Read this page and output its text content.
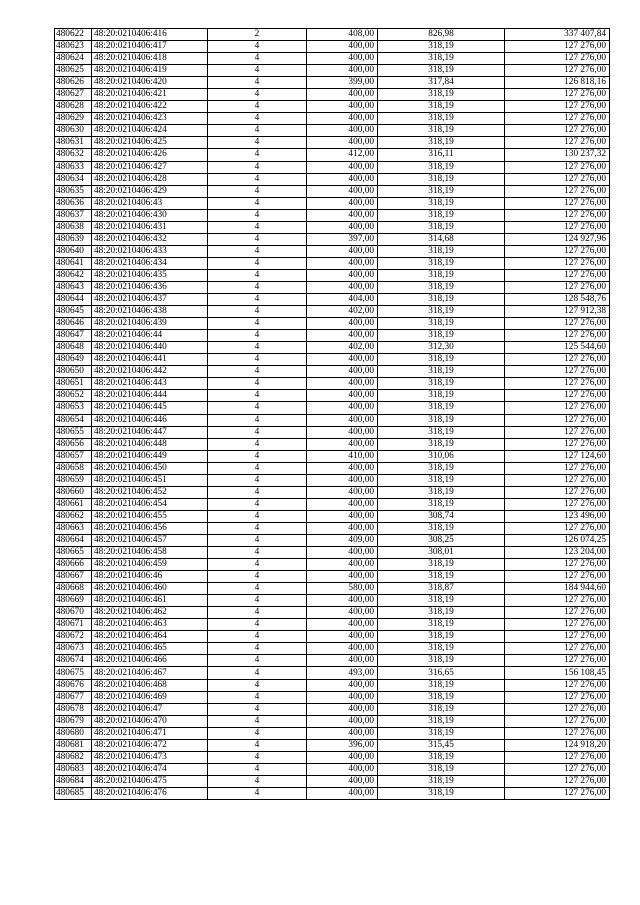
480622	48:20:0210406:416	2	408,00	826,98	337 407,84
480623	48:20:0210406:417	4	400,00	318,19	127 276,00
480624	48:20:0210406:418	4	400,00	318,19	127 276,00
480625	48:20:0210406:419	4	400,00	318,19	127 276,00
480626	48:20:0210406:420	4	399,00	317,84	126 818,16
480627	48:20:0210406:421	4	400,00	318,19	127 276,00
480628	48:20:0210406:422	4	400,00	318,19	127 276,00
480629	48:20:0210406:423	4	400,00	318,19	127 276,00
480630	48:20:0210406:424	4	400,00	318,19	127 276,00
480631	48:20:0210406:425	4	400,00	318,19	127 276,00
480632	48:20:0210406:426	4	412,00	316,11	130 237,32
480633	48:20:0210406:427	4	400,00	318,19	127 276,00
480634	48:20:0210406:428	4	400,00	318,19	127 276,00
480635	48:20:0210406:429	4	400,00	318,19	127 276,00
480636	48:20:0210406:43	4	400,00	318,19	127 276,00
480637	48:20:0210406:430	4	400,00	318,19	127 276,00
480638	48:20:0210406:431	4	400,00	318,19	127 276,00
480639	48:20:0210406:432	4	397,00	314,68	124 927,96
480640	48:20:0210406:433	4	400,00	318,19	127 276,00
480641	48:20:0210406:434	4	400,00	318,19	127 276,00
480642	48:20:0210406:435	4	400,00	318,19	127 276,00
480643	48:20:0210406:436	4	400,00	318,19	127 276,00
480644	48:20:0210406:437	4	404,00	318,19	128 548,76
480645	48:20:0210406:438	4	402,00	318,19	127 912,38
480646	48:20:0210406:439	4	400,00	318,19	127 276,00
480647	48:20:0210406:44	4	400,00	318,19	127 276,00
480648	48:20:0210406:440	4	402,00	312,30	125 544,60
480649	48:20:0210406:441	4	400,00	318,19	127 276,00
480650	48:20:0210406:442	4	400,00	318,19	127 276,00
480651	48:20:0210406:443	4	400,00	318,19	127 276,00
480652	48:20:0210406:444	4	400,00	318,19	127 276,00
480653	48:20:0210406:445	4	400,00	318,19	127 276,00
480654	48:20:0210406:446	4	400,00	318,19	127 276,00
480655	48:20:0210406:447	4	400,00	318,19	127 276,00
480656	48:20:0210406:448	4	400,00	318,19	127 276,00
480657	48:20:0210406:449	4	410,00	310,06	127 124,60
480658	48:20:0210406:450	4	400,00	318,19	127 276,00
480659	48:20:0210406:451	4	400,00	318,19	127 276,00
480660	48:20:0210406:452	4	400,00	318,19	127 276,00
480661	48:20:0210406:454	4	400,00	318,19	127 276,00
480662	48:20:0210406:455	4	400,00	308,74	123 496,00
480663	48:20:0210406:456	4	400,00	318,19	127 276,00
480664	48:20:0210406:457	4	409,00	308,25	126 074,25
480665	48:20:0210406:458	4	400,00	308,01	123 204,00
480666	48:20:0210406:459	4	400,00	318,19	127 276,00
480667	48:20:0210406:46	4	400,00	318,19	127 276,00
480668	48:20:0210406:460	4	580,00	318,87	184 944,60
480669	48:20:0210406:461	4	400,00	318,19	127 276,00
480670	48:20:0210406:462	4	400,00	318,19	127 276,00
480671	48:20:0210406:463	4	400,00	318,19	127 276,00
480672	48:20:0210406:464	4	400,00	318,19	127 276,00
480673	48:20:0210406:465	4	400,00	318,19	127 276,00
480674	48:20:0210406:466	4	400,00	318,19	127 276,00
480675	48:20:0210406:467	4	493,00	316,65	156 108,45
480676	48:20:0210406:468	4	400,00	318,19	127 276,00
480677	48:20:0210406:469	4	400,00	318,19	127 276,00
480678	48:20:0210406:47	4	400,00	318,19	127 276,00
480679	48:20:0210406:470	4	400,00	318,19	127 276,00
480680	48:20:0210406:471	4	400,00	318,19	127 276,00
480681	48:20:0210406:472	4	396,00	315,45	124 918,20
480682	48:20:0210406:473	4	400,00	318,19	127 276,00
480683	48:20:0210406:474	4	400,00	318,19	127 276,00
480684	48:20:0210406:475	4	400,00	318,19	127 276,00
480685	48:20:0210406:476	4	400,00	318,19	127 276,00
